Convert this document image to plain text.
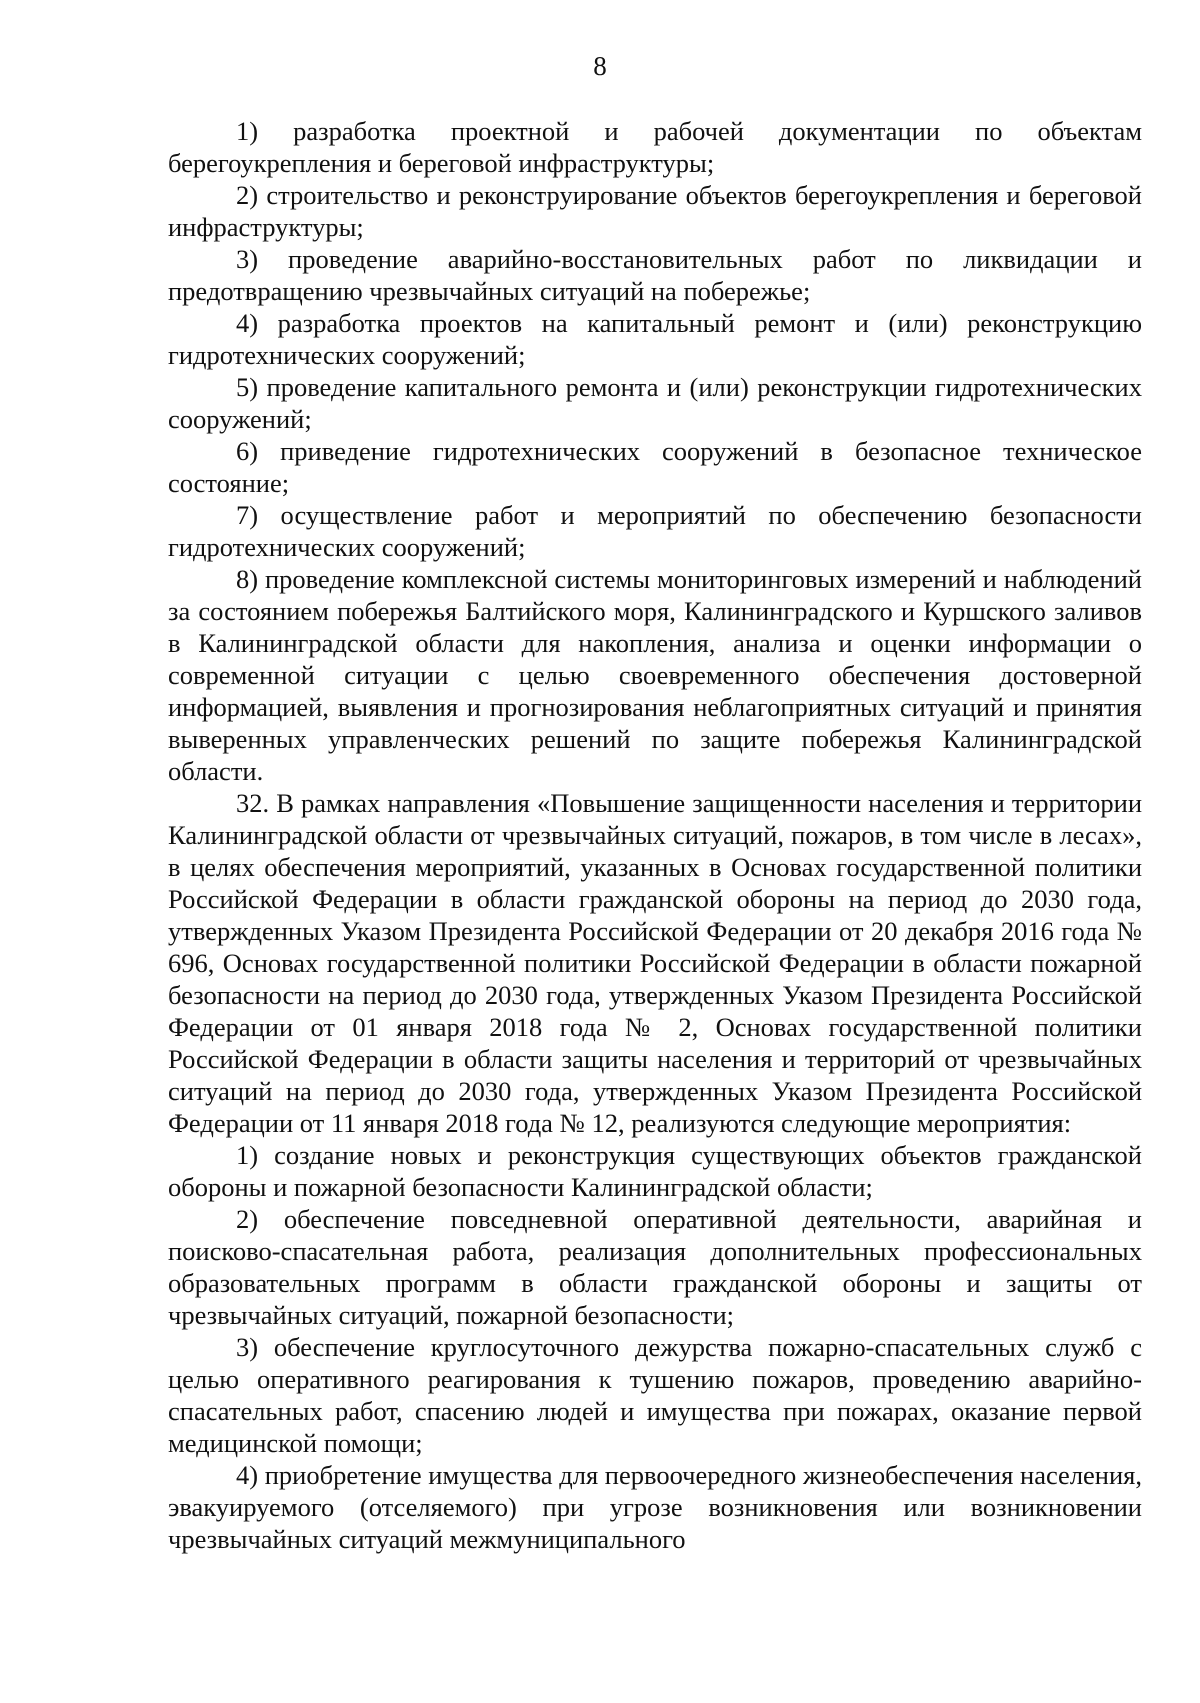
8

1) разработка проектной и рабочей документации по объектам берегоукрепления и береговой инфраструктуры;

2) строительство и реконструирование объектов берегоукрепления и береговой инфраструктуры;

3) проведение аварийно-восстановительных работ по ликвидации и предотвращению чрезвычайных ситуаций на побережье;

4) разработка проектов на капитальный ремонт и (или) реконструкцию гидротехнических сооружений;

5) проведение капитального ремонта и (или) реконструкции гидротехнических сооружений;

6) приведение гидротехнических сооружений в безопасное техническое состояние;

7) осуществление работ и мероприятий по обеспечению безопасности гидротехнических сооружений;

8) проведение комплексной системы мониторинговых измерений и наблюдений за состоянием побережья Балтийского моря, Калининградского и Куршского заливов в Калининградской области для накопления, анализа и оценки информации о современной ситуации с целью своевременного обеспечения достоверной информацией, выявления и прогнозирования неблагоприятных ситуаций и принятия выверенных управленческих решений по защите побережья Калининградской области.

32. В рамках направления «Повышение защищенности населения и территории Калининградской области от чрезвычайных ситуаций, пожаров, в том числе в лесах», в целях обеспечения мероприятий, указанных в Основах государственной политики Российской Федерации в области гражданской обороны на период до 2030 года, утвержденных Указом Президента Российской Федерации от 20 декабря 2016 года № 696, Основах государственной политики Российской Федерации в области пожарной безопасности на период до 2030 года, утвержденных Указом Президента Российской Федерации от 01 января 2018 года № 2, Основах государственной политики Российской Федерации в области защиты населения и территорий от чрезвычайных ситуаций на период до 2030 года, утвержденных Указом Президента Российской Федерации от 11 января 2018 года № 12, реализуются следующие мероприятия:

1) создание новых и реконструкция существующих объектов гражданской обороны и пожарной безопасности Калининградской области;

2) обеспечение повседневной оперативной деятельности, аварийная и поисково-спасательная работа, реализация дополнительных профессиональных образовательных программ в области гражданской обороны и защиты от чрезвычайных ситуаций, пожарной безопасности;

3) обеспечение круглосуточного дежурства пожарно-спасательных служб с целью оперативного реагирования к тушению пожаров, проведению аварийно-спасательных работ, спасению людей и имущества при пожарах, оказание первой медицинской помощи;

4) приобретение имущества для первоочередного жизнеобеспечения населения, эвакуируемого (отселяемого) при угрозе возникновения или возникновении чрезвычайных ситуаций межмуниципального
